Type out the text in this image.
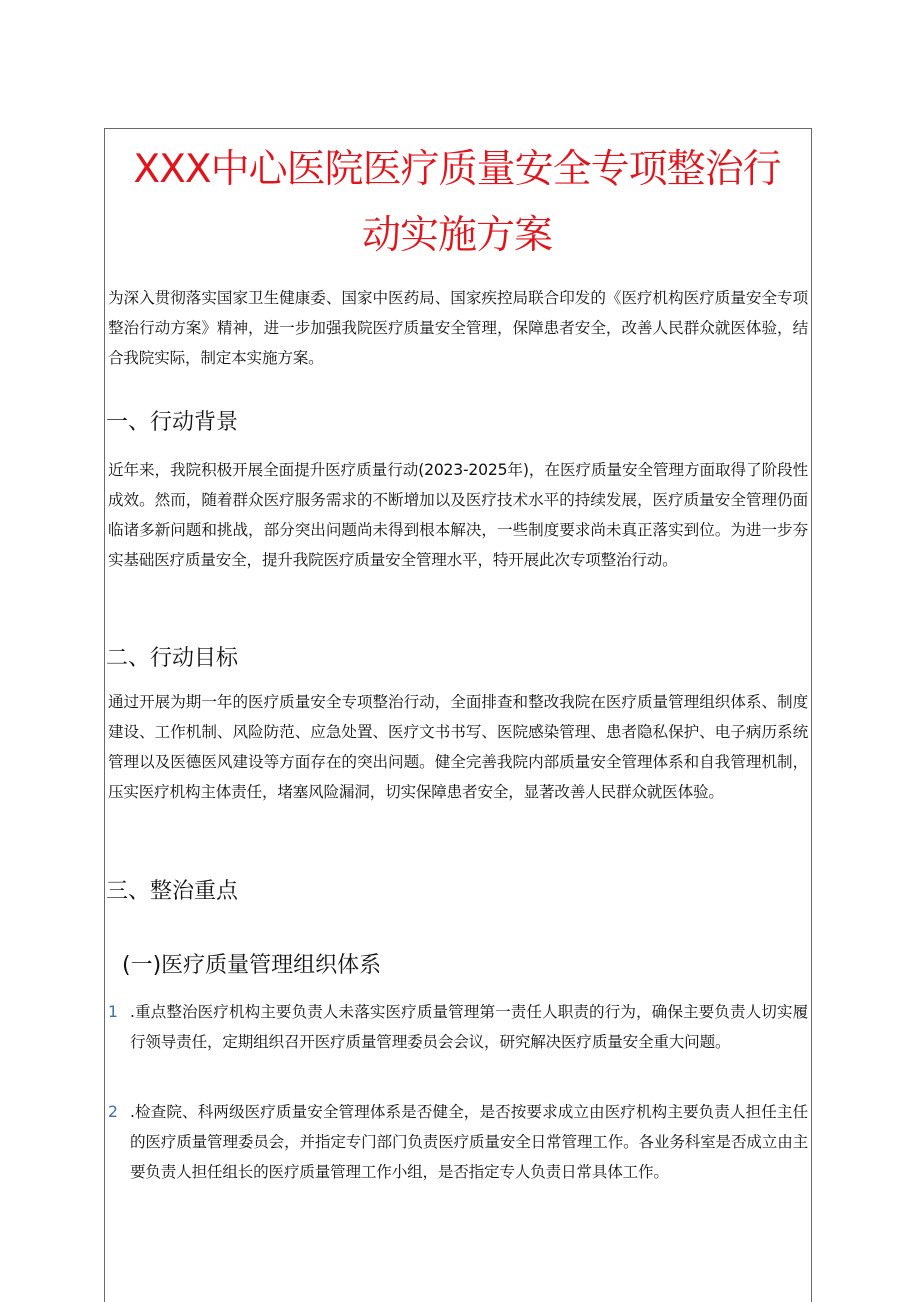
XXX中心医院医疗质量安全专项整治行
动实施方案

为深入贯彻落实国家卫生健康委、国家中医药局、国家疾控局联合印发的《医疗机构医疗质量安全专项整治行动方案》精神，进一步加强我院医疗质量安全管理，保障患者安全，改善人民群众就医体验，结合我院实际，制定本实施方案。

一、行动背景

近年来，我院积极开展全面提升医疗质量行动(2023-2025年)，在医疗质量安全管理方面取得了阶段性成效。然而，随着群众医疗服务需求的不断增加以及医疗技术水平的持续发展，医疗质量安全管理仍面临诸多新问题和挑战，部分突出问题尚未得到根本解决，一些制度要求尚未真正落实到位。为进一步夯实基础医疗质量安全，提升我院医疗质量安全管理水平，特开展此次专项整治行动。

二、行动目标

通过开展为期一年的医疗质量安全专项整治行动，全面排查和整改我院在医疗质量管理组织体系、制度建设、工作机制、风险防范、应急处置、医疗文书书写、医院感染管理、患者隐私保护、电子病历系统管理以及医德医风建设等方面存在的突出问题。健全完善我院内部质量安全管理体系和自我管理机制，压实医疗机构主体责任，堵塞风险漏洞，切实保障患者安全，显著改善人民群众就医体验。

三、整治重点
(一)医疗质量管理组织体系
1 .重点整治医疗机构主要负责人未落实医疗质量管理第一责任人职责的行为，确保主要负责人切实履行领导责任，定期组织召开医疗质量管理委员会会议，研究解决医疗质量安全重大问题。

2 .检查院、科两级医疗质量安全管理体系是否健全，是否按要求成立由医疗机构主要负责人担任主任的医疗质量管理委员会，并指定专门部门负责医疗质量安全日常管理工作。各业务科室是否成立由主要负责人担任组长的医疗质量管理工作小组，是否指定专人负责日常具体工作。
